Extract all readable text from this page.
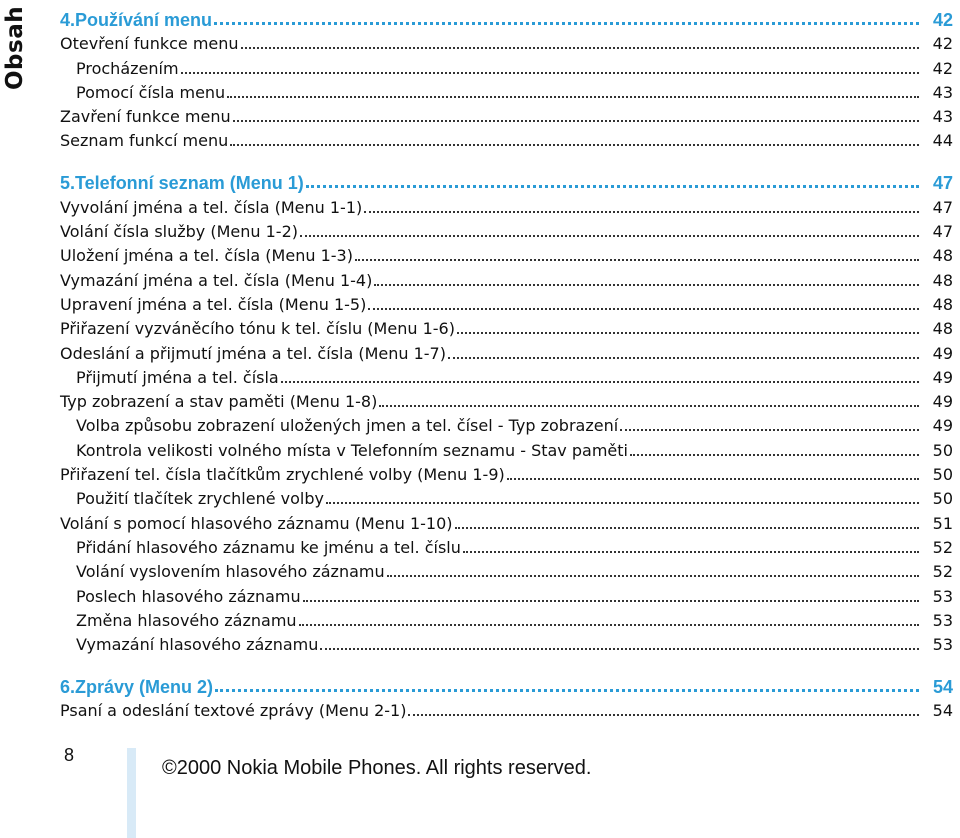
Obsah 4.Používání menu	42
Otevření funkce menu	42
Procházením	42
Pomocí čísla menu	43
Zavření funkce menu	43
Seznam funkcí menu	44
5.Telefonní seznam (Menu 1)	47
Vyvolání jména a tel. čísla (Menu 1-1)	47
Volání čísla služby (Menu 1-2)	47
Uložení jména a tel. čísla (Menu 1-3)	48
Vymazání jména a tel. čísla (Menu 1-4)	48
Upravení jména a tel. čísla (Menu 1-5)	48
Přiřazení vyzváněcího tónu k tel. číslu (Menu 1-6)	48
Odeslání a přijmutí jména a tel. čísla (Menu 1-7)	49
Přijmutí jména a tel. čísla	49
Typ zobrazení a stav paměti (Menu 1-8)	49
Volba způsobu zobrazení uložených jmen a tel. čísel - Typ zobrazení	49
Kontrola velikosti volného místa v Telefonním seznamu - Stav paměti	50
Přiřazení tel. čísla tlačítkům zrychlené volby (Menu 1-9)	50
Použití tlačítek zrychlené volby	50
Volání s pomocí hlasového záznamu (Menu 1-10)	51
Přidání hlasového záznamu ke jménu a tel. číslu	52
Volání vyslovením hlasového záznamu	52
Poslech hlasového záznamu	53
Změna hlasového záznamu	53
Vymazání hlasového záznamu	53
6.Zprávy (Menu 2)	54
Psaní a odeslání textové zprávy (Menu 2-1)	54
8
©2000 Nokia Mobile Phones. All rights reserved.
